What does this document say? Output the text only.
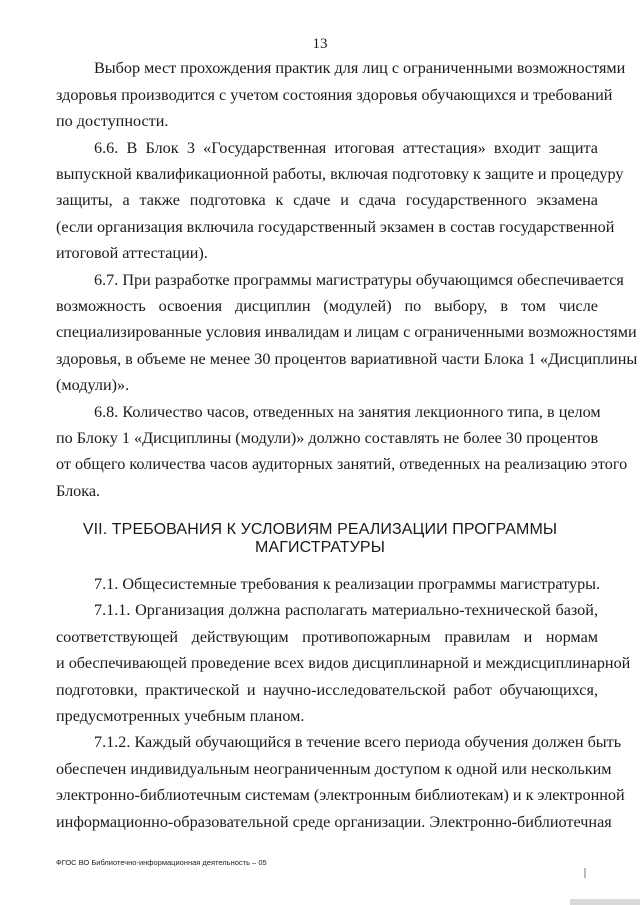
13
Выбор мест прохождения практик для лиц с ограниченными возможностями
здоровья производится с учетом состояния здоровья обучающихся и требований
по доступности.
6.6. В Блок 3 «Государственная итоговая аттестация» входит защита
выпускной квалификационной работы, включая подготовку к защите и процедуру
защиты, а также подготовка к сдаче и сдача государственного экзамена
(если организация включила государственный экзамен в состав государственной
итоговой аттестации).
6.7. При разработке программы магистратуры обучающимся обеспечивается
возможность освоения дисциплин (модулей) по выбору, в том числе
специализированные условия инвалидам и лицам с ограниченными возможностями
здоровья, в объеме не менее 30 процентов вариативной части Блока 1 «Дисциплины
(модули)».
6.8. Количество часов, отведенных на занятия лекционного типа, в целом
по Блоку 1 «Дисциплины (модули)» должно составлять не более 30 процентов
от общего количества часов аудиторных занятий, отведенных на реализацию этого
Блока.
VII. ТРЕБОВАНИЯ К УСЛОВИЯМ РЕАЛИЗАЦИИ ПРОГРАММЫ
МАГИСТРАТУРЫ
7.1. Общесистемные требования к реализации программы магистратуры.
7.1.1. Организация должна располагать материально-технической базой,
соответствующей действующим противопожарным правилам и нормам
и обеспечивающей проведение всех видов дисциплинарной и междисциплинарной
подготовки, практической и научно-исследовательской работ обучающихся,
предусмотренных учебным планом.
7.1.2. Каждый обучающийся в течение всего периода обучения должен быть
обеспечен индивидуальным неограниченным доступом к одной или нескольким
электронно-библиотечным системам (электронным библиотекам) и к электронной
информационно-образовательной среде организации. Электронно-библиотечная
ФГОС ВО Библиотечно-информационная деятельность – 05
